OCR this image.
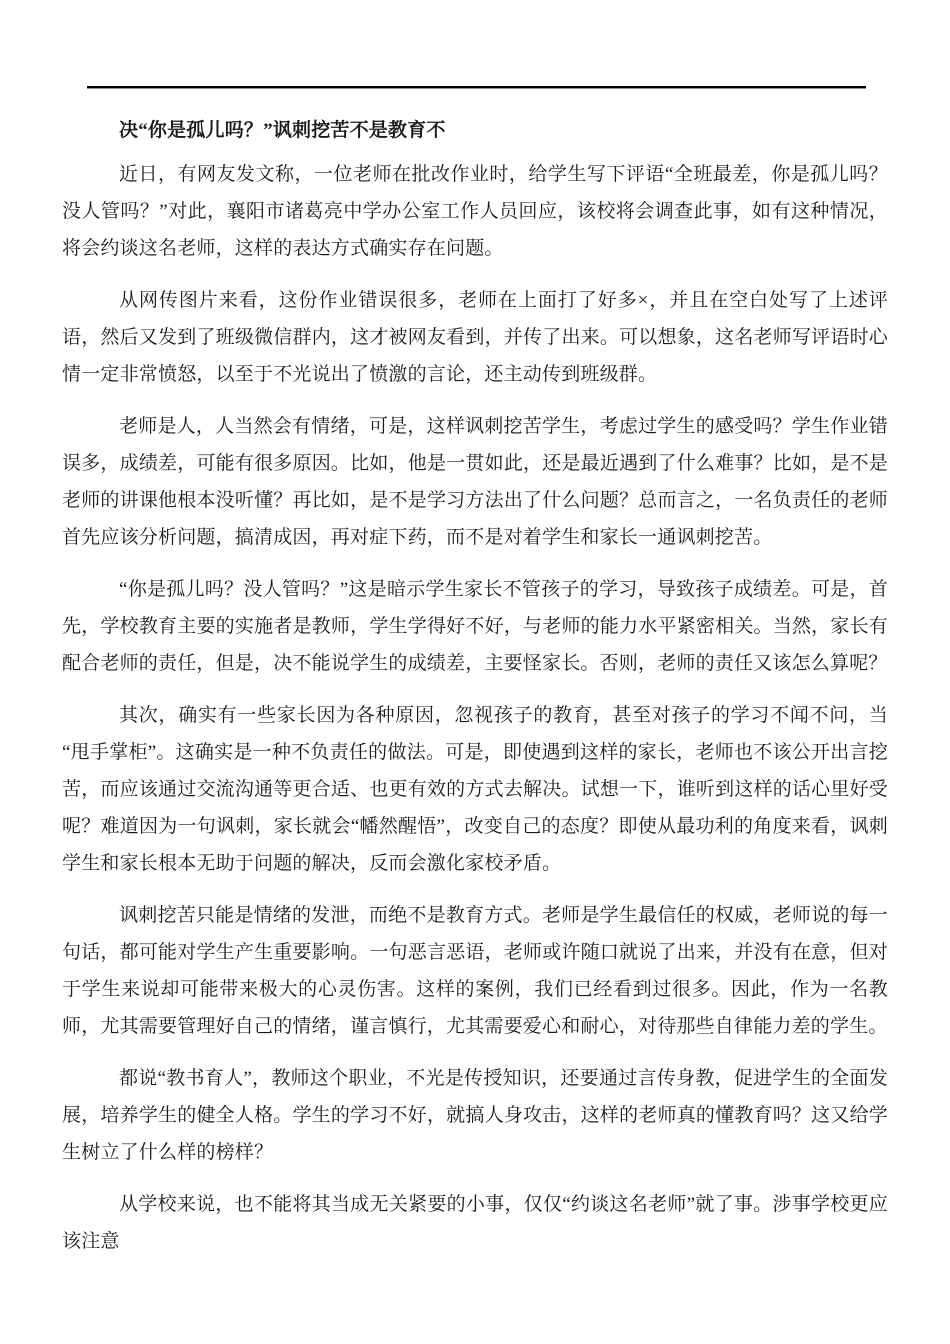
决“你是孤儿吗？”讽刺挖苦不是教育不

近日，有网友发文称，一位老师在批改作业时，给学生写下评语“全班最差，你是孤儿吗？没人管吗？”对此，襄阳市诸葛亮中学办公室工作人员回应，该校将会调查此事，如有这种情况，将会约谈这名老师，这样的表达方式确实存在问题。

从网传图片来看，这份作业错误很多，老师在上面打了好多×，并且在空白处写了上述评语，然后又发到了班级微信群内，这才被网友看到，并传了出来。可以想象，这名老师写评语时心情一定非常愤怒，以至于不光说出了愤激的言论，还主动传到班级群。

老师是人，人当然会有情绪，可是，这样讽刺挖苦学生，考虑过学生的感受吗？学生作业错误多，成绩差，可能有很多原因。比如，他是一贯如此，还是最近遇到了什么难事？比如，是不是老师的讲课他根本没听懂？再比如，是不是学习方法出了什么问题？总而言之，一名负责任的老师首先应该分析问题，搞清成因，再对症下药，而不是对着学生和家长一通讽刺挖苦。

“你是孤儿吗？没人管吗？”这是暗示学生家长不管孩子的学习，导致孩子成绩差。可是，首先，学校教育主要的实施者是教师，学生学得好不好，与老师的能力水平紧密相关。当然，家长有配合老师的责任，但是，决不能说学生的成绩差，主要怪家长。否则，老师的责任又该怎么算呢？

其次，确实有一些家长因为各种原因，忽视孩子的教育，甚至对孩子的学习不闻不问，当“甩手掌柜”。这确实是一种不负责任的做法。可是，即使遇到这样的家长，老师也不该公开出言挖苦，而应该通过交流沟通等更合适、也更有效的方式去解决。试想一下，谁听到这样的话心里好受呢？难道因为一句讽刺，家长就会“幡然醒悟”，改变自己的态度？即使从最功利的角度来看，讽刺学生和家长根本无助于问题的解决，反而会激化家校矛盾。

讽刺挖苦只能是情绪的发泄，而绝不是教育方式。老师是学生最信任的权威，老师说的每一句话，都可能对学生产生重要影响。一句恶言恶语，老师或许随口就说了出来，并没有在意，但对于学生来说却可能带来极大的心灵伤害。这样的案例，我们已经看到过很多。因此，作为一名教师，尤其需要管理好自己的情绪，谨言慎行，尤其需要爱心和耐心，对待那些自律能力差的学生。

都说“教书育人”，教师这个职业，不光是传授知识，还要通过言传身教，促进学生的全面发展，培养学生的健全人格。学生的学习不好，就搞人身攻击，这样的老师真的懂教育吗？这又给学生树立了什么样的榜样？

从学校来说，也不能将其当成无关紧要的小事，仅仅“约谈这名老师”就了事。涉事学校更应该注意
